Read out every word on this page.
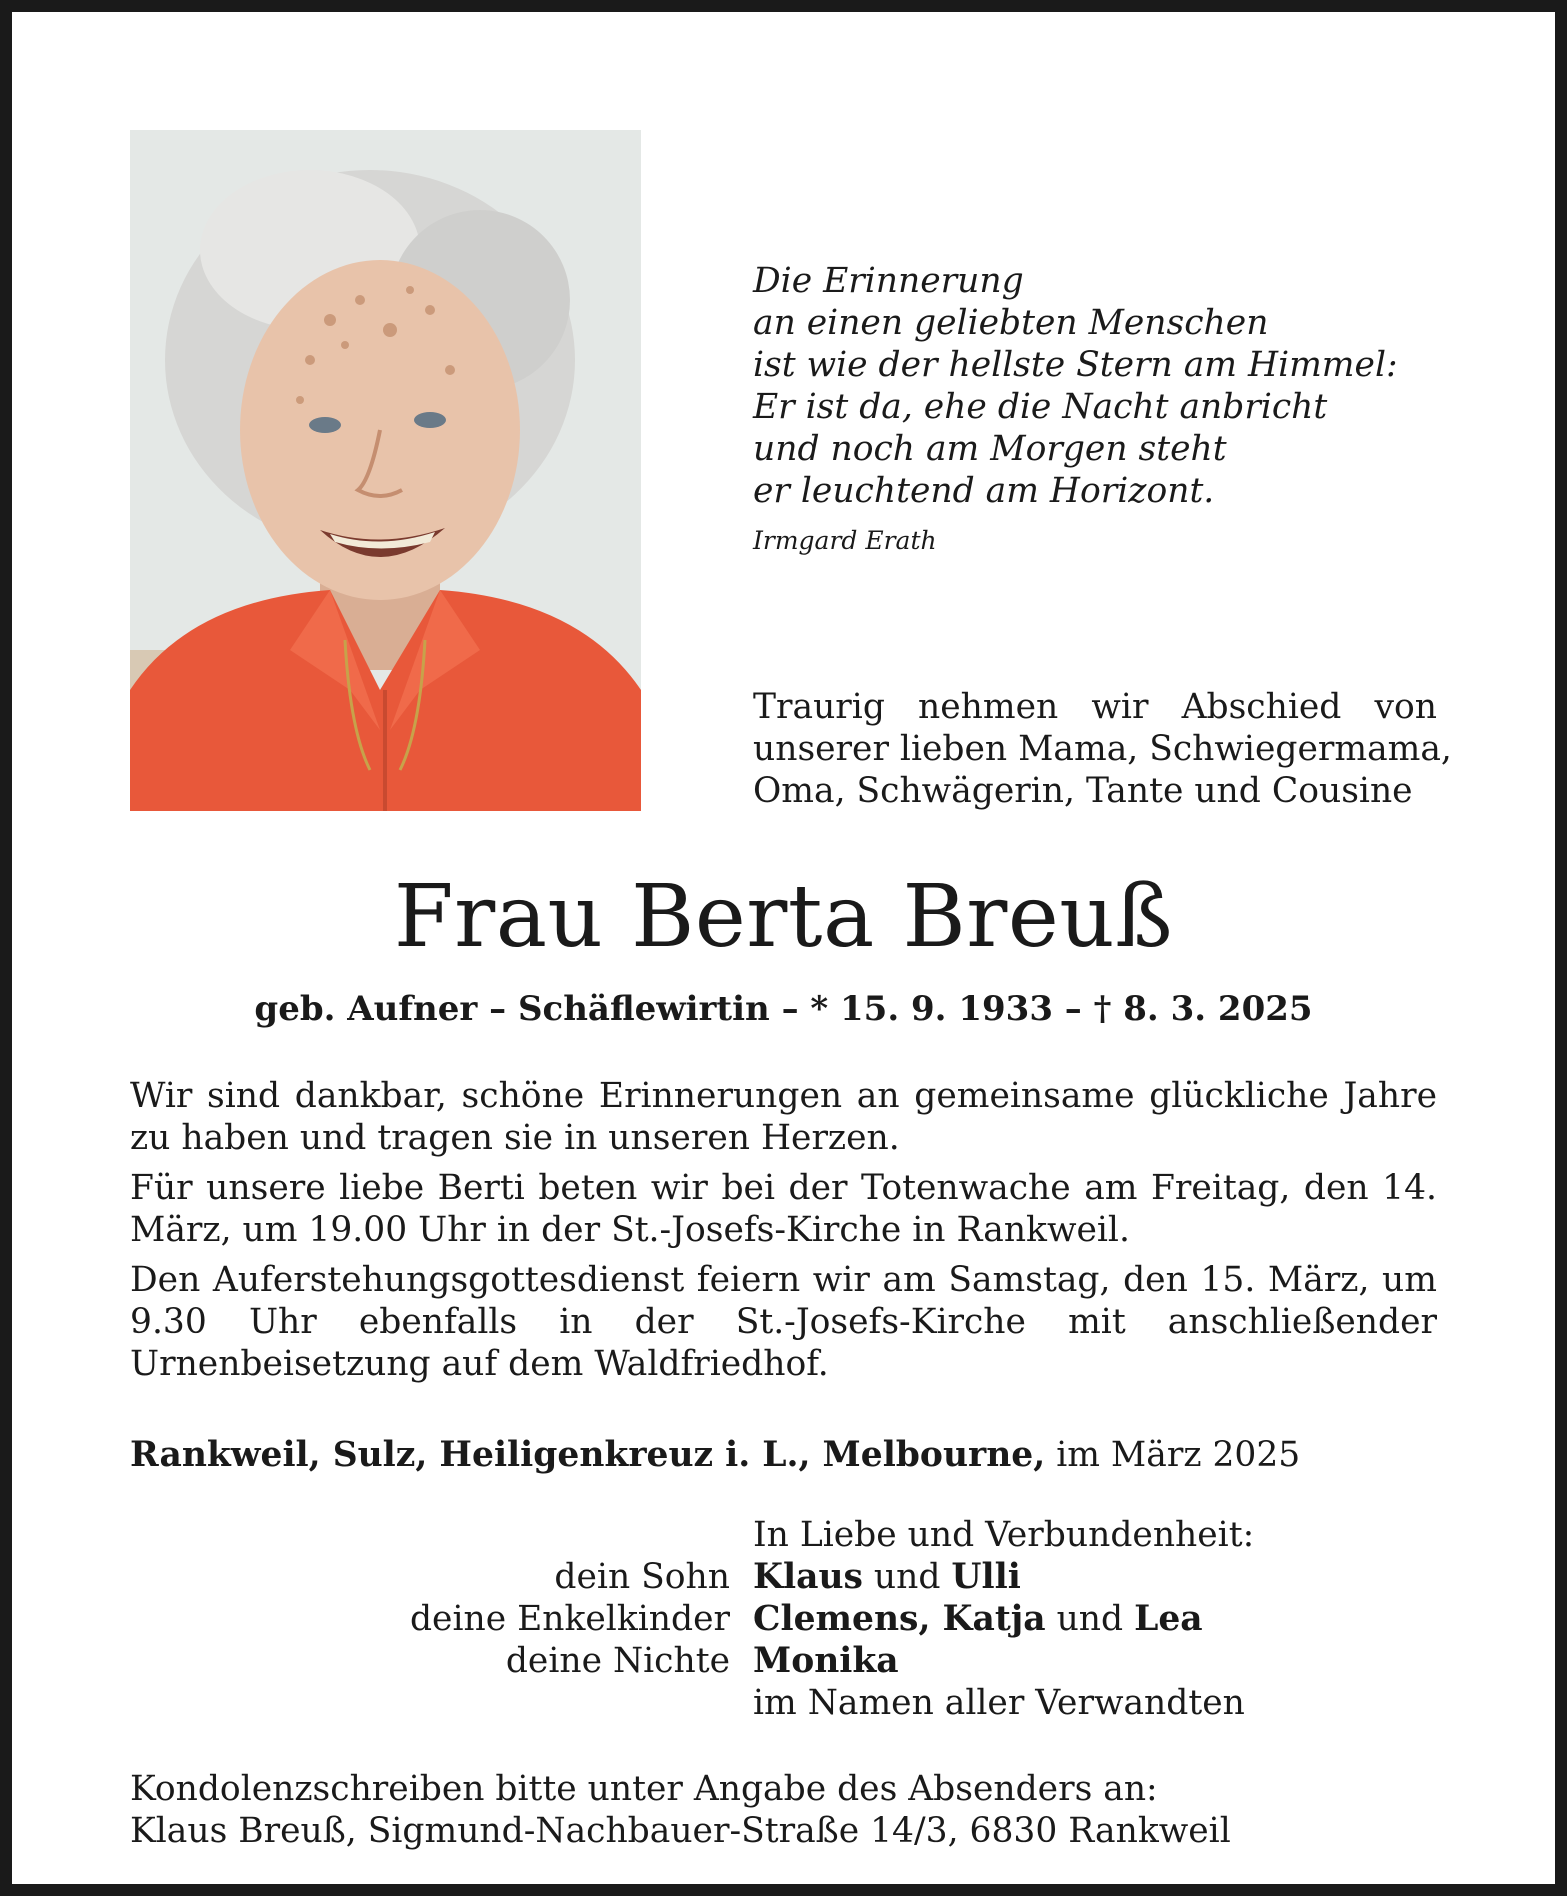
Die Erinnerung
an einen geliebten Menschen
ist wie der hellste Stern am Himmel:
Er ist da, ehe die Nacht anbricht
und noch am Morgen steht
er leuchtend am Horizont.
Irmgard Erath
Traurig nehmen wir Abschied von
unserer lieben Mama, Schwiegermama,
Oma, Schwägerin, Tante und Cousine
Frau Berta Breuß
geb. Aufner – Schäflewirtin – * 15. 9. 1933 – † 8. 3. 2025

Wir sind dankbar, schöne Erinnerungen an gemeinsame glückliche Jahre zu haben und tragen sie in unseren Herzen.

Für unsere liebe Berti beten wir bei der Totenwache am Freitag, den 14. März, um 19.00 Uhr in der St.-Josefs-Kirche in Rankweil.

Den Auferstehungsgottesdienst feiern wir am Samstag, den 15. März, um 9.30 Uhr ebenfalls in der St.-Josefs-Kirche mit anschließender Urnenbeisetzung auf dem Waldfriedhof.

Rankweil, Sulz, Heiligenkreuz i. L., Melbourne, im März 2025
In Liebe und Verbundenheit:
dein Sohn Klaus und Ulli
deine Enkelkinder Clemens, Katja und Lea
deine Nichte Monika
im Namen aller Verwandten
Kondolenzschreiben bitte unter Angabe des Absenders an:
Klaus Breuß, Sigmund-Nachbauer-Straße 14/3, 6830 Rankweil
